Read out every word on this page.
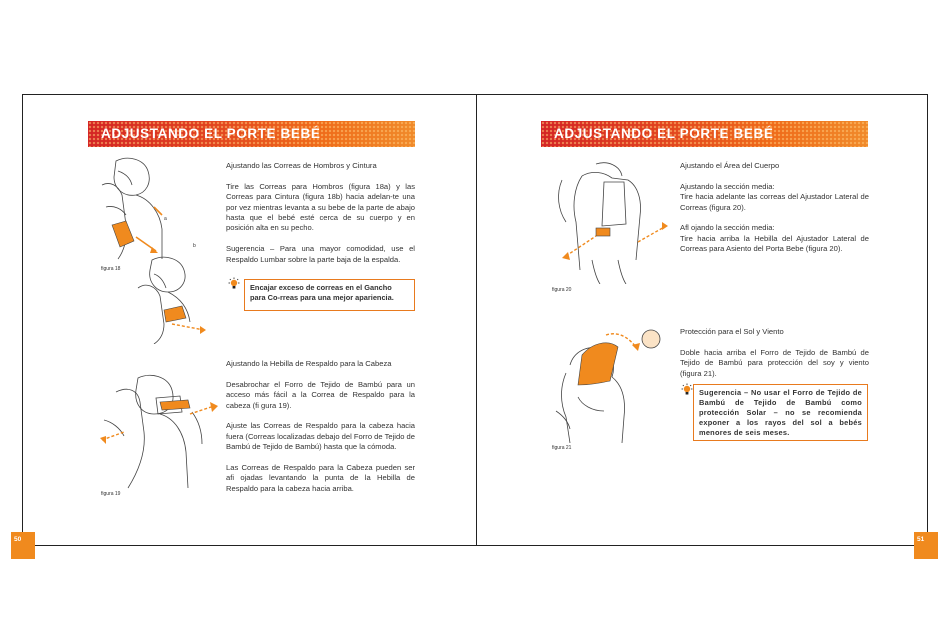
ADJUSTANDO EL PORTE BEBÉ
a
b
figura 18

Ajustando las Correas de Hombros y Cintura

Tire las Correas para Hombros (figura 18a) y las Correas para Cintura (figura 18b) hacia adelan-te una por vez mientras levanta a su bebe de la parte de abajo hasta que el bebé esté cerca de su cuerpo y en posición alta en su pecho.

Sugerencia – Para una mayor comodidad, use el Respaldo Lumbar sobre la parte baja de la espalda.

Encajar exceso de correas en el Gancho para Co-rreas para una mejor apariencia.
figura 19

Ajustando la Hebilla de Respaldo para la Cabeza

Desabrochar el Forro de Tejido de Bambú para un acceso más fácil a la Correa de Respaldo para la cabeza (fi gura 19).

Ajuste las Correas de Respaldo para la cabeza hacia fuera (Correas localizadas debajo del Forro de Tejido de Bambú de Tejido de Bambú) hasta que la cómoda.

Las Correas de Respaldo para la Cabeza pueden ser afi ojadas levantando la punta de la Hebilla de Respaldo para la cabeza hacia arriba.

50
ADJUSTANDO EL PORTE BEBÉ
figura 20

Ajustando el Área del Cuerpo

Ajustando la sección media:
Tire hacia adelante las correas del Ajustador Lateral de Correas (figura 20).

Afl ojando la sección media:
Tire hacia arriba la Hebilla del Ajustador Lateral de Correas para Asiento del Porta Bebe (figura 20).

figura 21

Protección para el Sol y Viento

Doble hacia arriba el Forro de Tejido de Bambú de Tejido de Bambú para protección del soy y viento (figura 21).

Sugerencia – No usar el Forro de Tejido de Bambú de Tejido de Bambú como protección Solar – no se recomienda exponer a los rayos del sol a bebés menores de seis meses.
51
